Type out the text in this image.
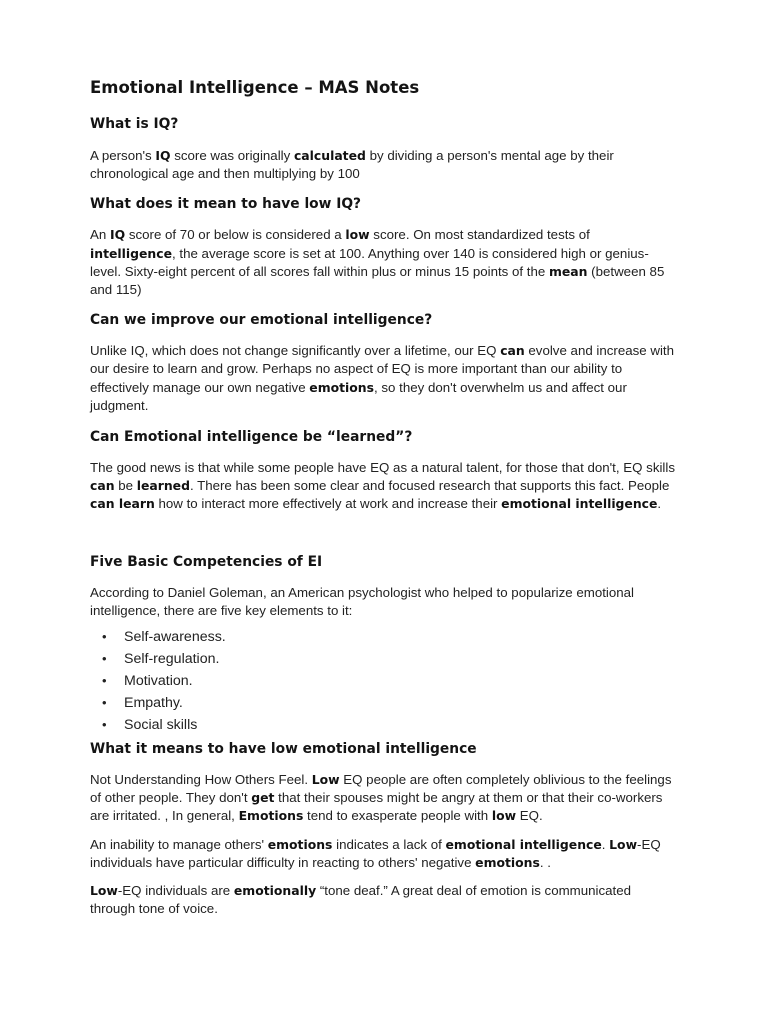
Emotional Intelligence – MAS Notes
What is IQ?

A person's IQ score was originally calculated by dividing a person's mental age by their chronological age and then multiplying by 100

What does it mean to have low IQ?

An IQ score of 70 or below is considered a low score. On most standardized tests of intelligence, the average score is set at 100. Anything over 140 is considered high or genius-level. Sixty-eight percent of all scores fall within plus or minus 15 points of the mean (between 85 and 115)

Can we improve our emotional intelligence?

Unlike IQ, which does not change significantly over a lifetime, our EQ can evolve and increase with our desire to learn and grow. Perhaps no aspect of EQ is more important than our ability to effectively manage our own negative emotions, so they don't overwhelm us and affect our judgment.

Can Emotional intelligence be “learned”?

The good news is that while some people have EQ as a natural talent, for those that don't, EQ skills can be learned. There has been some clear and focused research that supports this fact. People can learn how to interact more effectively at work and increase their emotional intelligence.

Five Basic Competencies of EI

According to Daniel Goleman, an American psychologist who helped to popularize emotional intelligence, there are five key elements to it:

• Self-awareness.
• Self-regulation.
• Motivation.
• Empathy.
• Social skills
What it means to have low emotional intelligence

Not Understanding How Others Feel. Low EQ people are often completely oblivious to the feelings of other people. They don't get that their spouses might be angry at them or that their co-workers are irritated. , In general, Emotions tend to exasperate people with low EQ.

An inability to manage others' emotions indicates a lack of emotional intelligence. Low-EQ individuals have particular difficulty in reacting to others' negative emotions. .

Low-EQ individuals are emotionally “tone deaf.” A great deal of emotion is communicated through tone of voice.
